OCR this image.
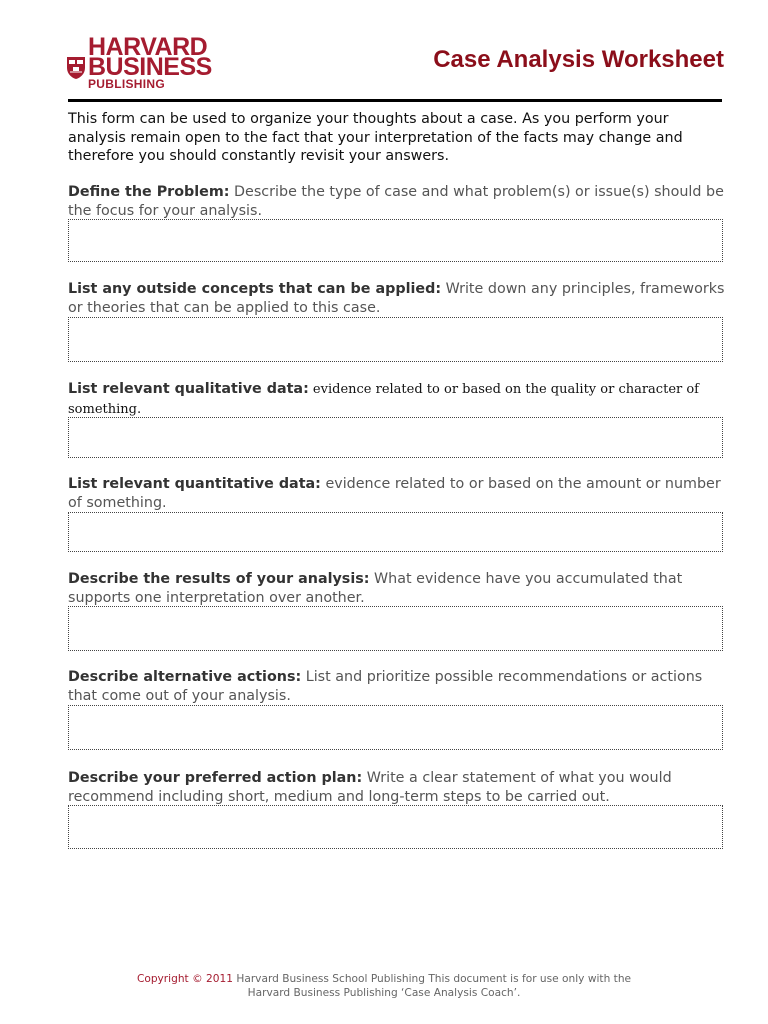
HARVARD
BUSINESS
PUBLISHING
Case Analysis Worksheet
This form can be used to organize your thoughts about a case. As you perform your analysis remain open to the fact that your interpretation of the facts may change and therefore you should constantly revisit your answers.

Define the Problem: Describe the type of case and what problem(s) or issue(s) should be the focus for your analysis.

List any outside concepts that can be applied: Write down any principles, frameworks or theories that can be applied to this case.

List relevant qualitative data: evidence related to or based on the quality or character of something.

List relevant quantitative data: evidence related to or based on the amount or number of something.

Describe the results of your analysis: What evidence have you accumulated that supports one interpretation over another.

Describe alternative actions: List and prioritize possible recommendations or actions that come out of your analysis.

Describe your preferred action plan: Write a clear statement of what you would recommend including short, medium and long-term steps to be carried out.

Copyright © 2011 Harvard Business School Publishing This document is for use only with the
Harvard Business Publishing ‘Case Analysis Coach’.
